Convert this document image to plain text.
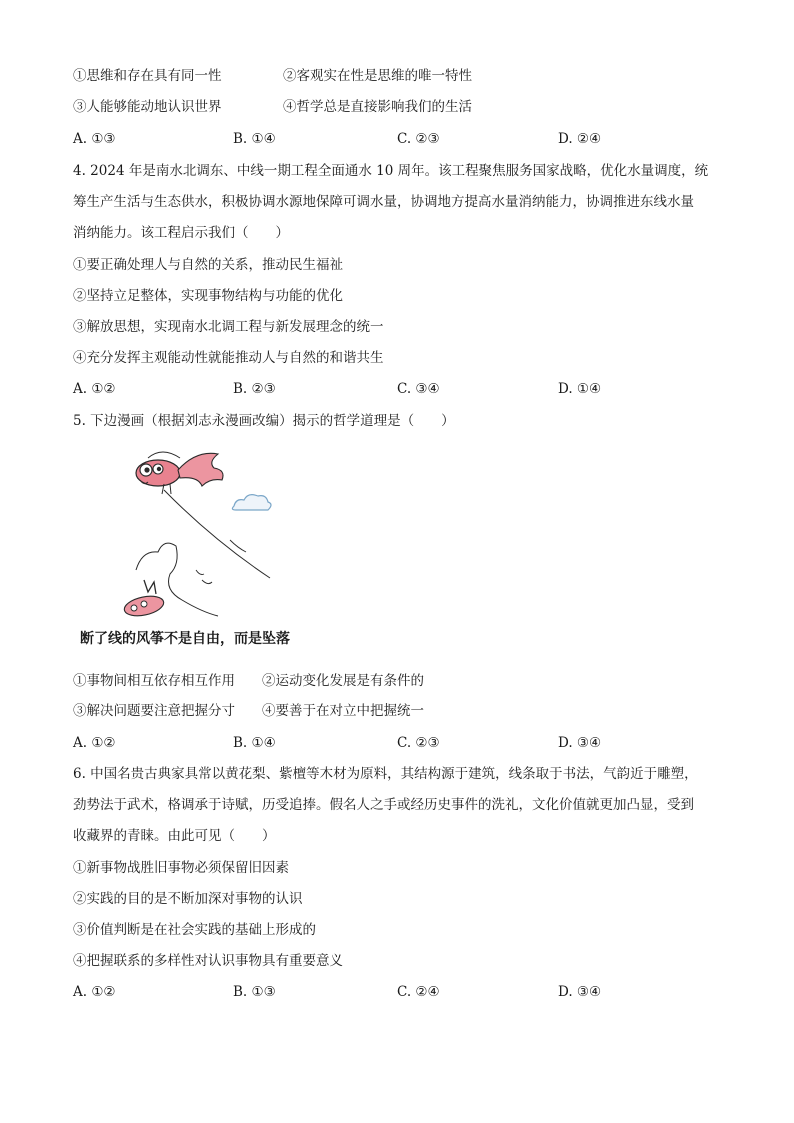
①思维和存在具有同一性	②客观实在性是思维的唯一特性
③人能够能动地认识世界	④哲学总是直接影响我们的生活
A. ①③	B. ①④	C. ②③	D. ②④
4. 2024 年是南水北调东、中线一期工程全面通水 10 周年。该工程聚焦服务国家战略，优化水量调度，统
筹生产生活与生态供水，积极协调水源地保障可调水量，协调地方提高水量消纳能力，协调推进东线水量
消纳能力。该工程启示我们（　　）
①要正确处理人与自然的关系，推动民生福祉
②坚持立足整体，实现事物结构与功能的优化
③解放思想，实现南水北调工程与新发展理念的统一
④充分发挥主观能动性就能推动人与自然的和谐共生
A. ①②	B. ②③	C. ③④	D. ①④
5. 下边漫画（根据刘志永漫画改编）揭示的哲学道理是（　　）
断了线的风筝不是自由，而是坠落
①事物间相互依存相互作用 ②运动变化发展是有条件的
③解决问题要注意把握分寸 ④要善于在对立中把握统一
A. ①②	B. ①④	C. ②③	D. ③④
6. 中国名贵古典家具常以黄花梨、紫檀等木材为原料，其结构源于建筑，线条取于书法，气韵近于雕塑，
劲势法于武术，格调承于诗赋，历受追捧。假名人之手或经历史事件的洗礼，文化价值就更加凸显，受到
收藏界的青睐。由此可见（　　）
①新事物战胜旧事物必须保留旧因素
②实践的目的是不断加深对事物的认识
③价值判断是在社会实践的基础上形成的
④把握联系的多样性对认识事物具有重要意义
A. ①②	B. ①③	C. ②④	D. ③④
